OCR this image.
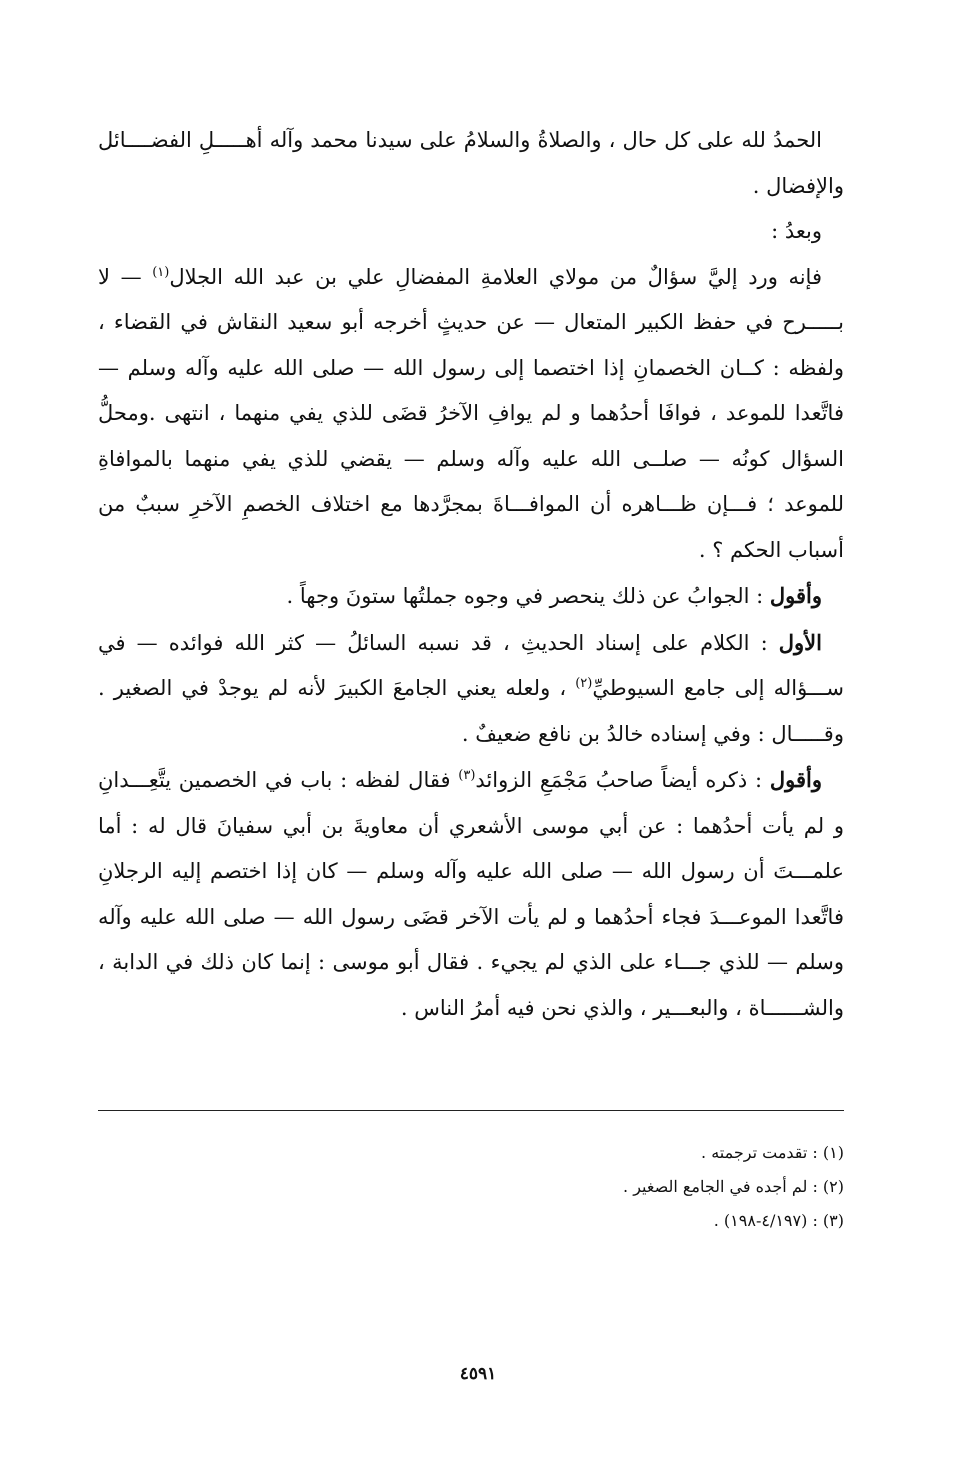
الحمدُ لله على كل حال ، والصلاةُ والسلامُ على سيدنا محمد وآله أهـــــلِ الفضــــائل والإفضال .

وبعدُ :

فإنه ورد إليَّ سؤالٌ من مولاي العلامةِ المفضالِ علي بن عبد الله الجلال$^{(١)}$ — لا بـــــرح في حفظ الكبير المتعال — عن حديثٍ أخرجه أبو سعيد النقاش في القضاء ، ولفظه : كــان الخصمانِ إذا اختصما إلى رسول الله — صلى الله عليه وآله وسلم — فاتَّعدا للموعد ، فوافَا أحدُهما و لم يوافِ الآخرُ قضَى للذي يفي منهما ، انتهى .ومحلُّ السؤال كونُه — صلــى الله عليه وآله وسلم — يقضي للذي يفي منهما بالموافاةِ للموعد ؛ فـــإن ظـــاهره أن الموافـــاةَ بمجرَّدها مع اختلاف الخصمِ الآخرِ سببٌ من أسباب الحكم ؟ .

وأقول : الجوابُ عن ذلك ينحصر في وجوه جملتُها ستونَ وجهاً .

الأول : الكلام على إسناد الحديثِ ، قد نسبه السائلُ — كثر الله فوائده — في ســـؤاله إلى جامع السيوطيِّ$^{(٢)}$ ، ولعله يعني الجامعَ الكبيرَ لأنه لم يوجدْ في الصغير . وقـــــال : وفي إسناده خالدُ بن نافع ضعيفٌ .

وأقول : ذكره أيضاً صاحبُ مَجْمَعِ الزوائد$^{(٣)}$ فقال لفظه : باب في الخصمين يتَّعِـــدانِ و لم يأت أحدُهما : عن أبي موسى الأشعري أن معاويةَ بن أبي سفيانَ قال له : أما علمـــتَ أن رسول الله — صلى الله عليه وآله وسلم — كان إذا اختصم إليه الرجلانِ فاتَّعدا الموعـــدَ فجاء أحدُهما و لم يأت الآخر قضَى رسول الله — صلى الله عليه وآله وسلم — للذي جـــاء على الذي لم يجيء . فقال أبو موسى : إنما كان ذلك في الدابة ، والشــــــاة ، والبعـــير ، والذي نحن فيه أمرُ الناس .

(١) : تقدمت ترجمته .

(٢) : لم أجده في الجامع الصغير .

(٣) : (٤/١٩٧-١٩٨) .

٤٥٩١
